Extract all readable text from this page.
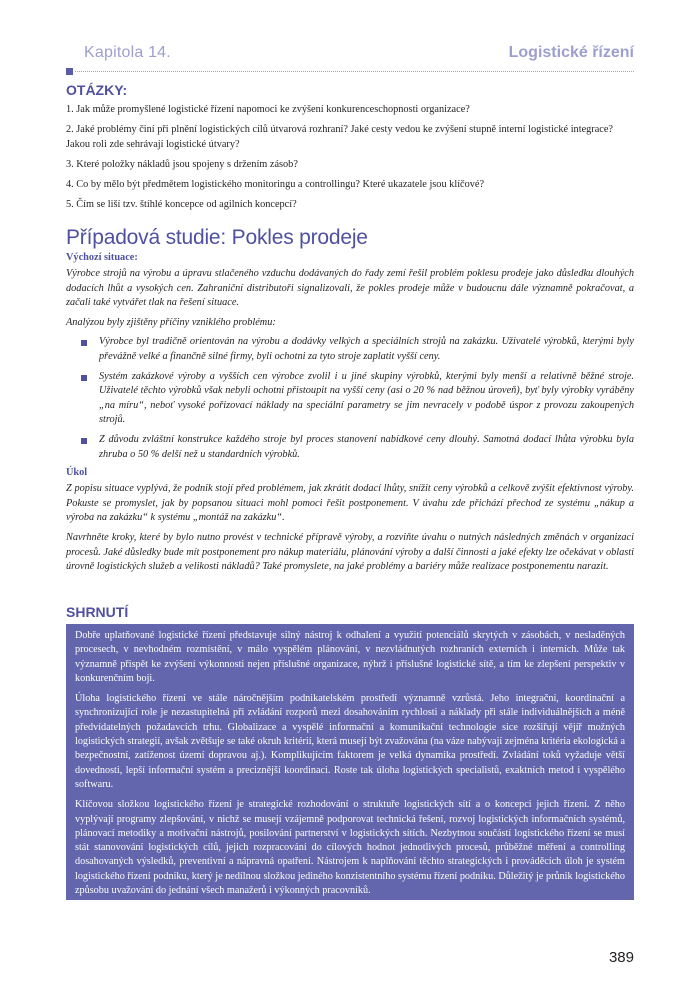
Kapitola 14.	Logistické řízení
OTÁZKY:

1. Jak může promyšlené logistické řízení napomoci ke zvýšení konkurenceschopnosti organizace?

2. Jaké problémy činí při plnění logistických cílů útvarová rozhraní? Jaké cesty vedou ke zvýšení stupně interní logistické integrace? Jakou roli zde sehrávají logistické útvary?

3. Které položky nákladů jsou spojeny s držením zásob?

4. Co by mělo být předmětem logistického monitoringu a controllingu? Které ukazatele jsou klíčové?

5. Čím se liší tzv. štíhlé koncepce od agilních koncepcí?

Případová studie: Pokles prodeje
Výchozí situace:

Výrobce strojů na výrobu a úpravu stlačeného vzduchu dodávaných do řady zemí řešil problém poklesu prodeje jako důsledku dlouhých dodacích lhůt a vysokých cen. Zahraniční distributoři signalizovali, že pokles prodeje může v budoucnu dále významně pokračovat, a začali také vytvářet tlak na řešení situace.

Analýzou byly zjištěny příčiny vzniklého problému:

Výrobce byl tradičně orientován na výrobu a dodávky velkých a speciálních strojů na zakázku. Uživatelé výrobků, kterými byly převážně velké a finančně silné firmy, byli ochotni za tyto stroje zaplatit vyšší ceny.
Systém zakázkové výroby a vyšších cen výrobce zvolil i u jiné skupiny výrobků, kterými byly menší a relativně běžné stroje. Uživatelé těchto výrobků však nebyli ochotni přistoupit na vyšší ceny (asi o 20 % nad běžnou úroveň), byť byly výrobky vyráběny „na míru“, neboť vysoké pořizovací náklady na speciální parametry se jim nevracely v podobě úspor z provozu zakoupených strojů.
Z důvodu zvláštní konstrukce každého stroje byl proces stanovení nabídkové ceny dlouhý. Samotná dodací lhůta výrobku byla zhruba o 50 % delší než u standardních výrobků.
Úkol

Z popisu situace vyplývá, že podnik stojí před problémem, jak zkrátit dodací lhůty, snížit ceny výrobků a celkově zvýšit efektivnost výroby. Pokuste se promyslet, jak by popsanou situaci mohl pomoci řešit postponement. V úvahu zde přichází přechod ze systému „nákup a výroba na zakázku“ k systému „montáž na zakázku“.

Navrhněte kroky, které by bylo nutno provést v technické přípravě výroby, a rozviňte úvahu o nutných následných změnách v organizaci procesů. Jaké důsledky bude mít postponement pro nákup materiálu, plánování výroby a další činnosti a jaké efekty lze očekávat v oblasti úrovně logistických služeb a velikosti nákladů? Také promyslete, na jaké problémy a bariéry může realizace postponementu narazit.

SHRNUTÍ

Dobře uplatňované logistické řízení představuje silný nástroj k odhalení a využití potenciálů skrytých v zásobách, v nesladěných procesech, v nevhodném rozmístění, v málo vyspělém plánování, v nezvládnutých rozhraních externích i interních. Může tak významně přispět ke zvýšení výkonnosti nejen příslušné organizace, nýbrž i příslušné logistické sítě, a tím ke zlepšení perspektiv v konkurenčním boji.

Úloha logistického řízení ve stále náročnějším podnikatelském prostředí významně vzrůstá. Jeho integrační, koordinační a synchronizující role je nezastupitelná při zvládání rozporů mezi dosahováním rychlosti a náklady při stále individuálnějších a méně předvídatelných požadavcích trhu. Globalizace a vyspělé informační a komunikační technologie sice rozšiřují vějíř možných logistických strategií, avšak zvětšuje se také okruh kritérií, která musejí být zvažována (na váze nabývají zejména kritéria ekologická a bezpečnostní, zatíženost území dopravou aj.). Komplikujícím faktorem je velká dynamika prostředí. Zvládání toků vyžaduje větší dovednosti, lepší informační systém a preciznější koordinaci. Roste tak úloha logistických specialistů, exaktních metod i vyspělého softwaru.

Klíčovou složkou logistického řízení je strategické rozhodování o struktuře logistických sítí a o koncepci jejich řízení. Z něho vyplývají programy zlepšování, v nichž se musejí vzájemně podporovat technická řešení, rozvoj logistických informačních systémů, plánovací metodiky a motivační nástrojů, posilování partnerství v logistických sítích. Nezbytnou součástí logistického řízení se musí stát stanovování logistických cílů, jejich rozpracování do cílových hodnot jednotlivých procesů, průběžné měření a controlling dosahovaných výsledků, preventivní a nápravná opatření. Nástrojem k naplňování těchto strategických i prováděcích úloh je systém logistického řízení podniku, který je nedílnou složkou jediného konzistentního systému řízení podniku. Důležitý je průnik logistického způsobu uvažování do jednání všech manažerů i výkonných pracovníků.

389
